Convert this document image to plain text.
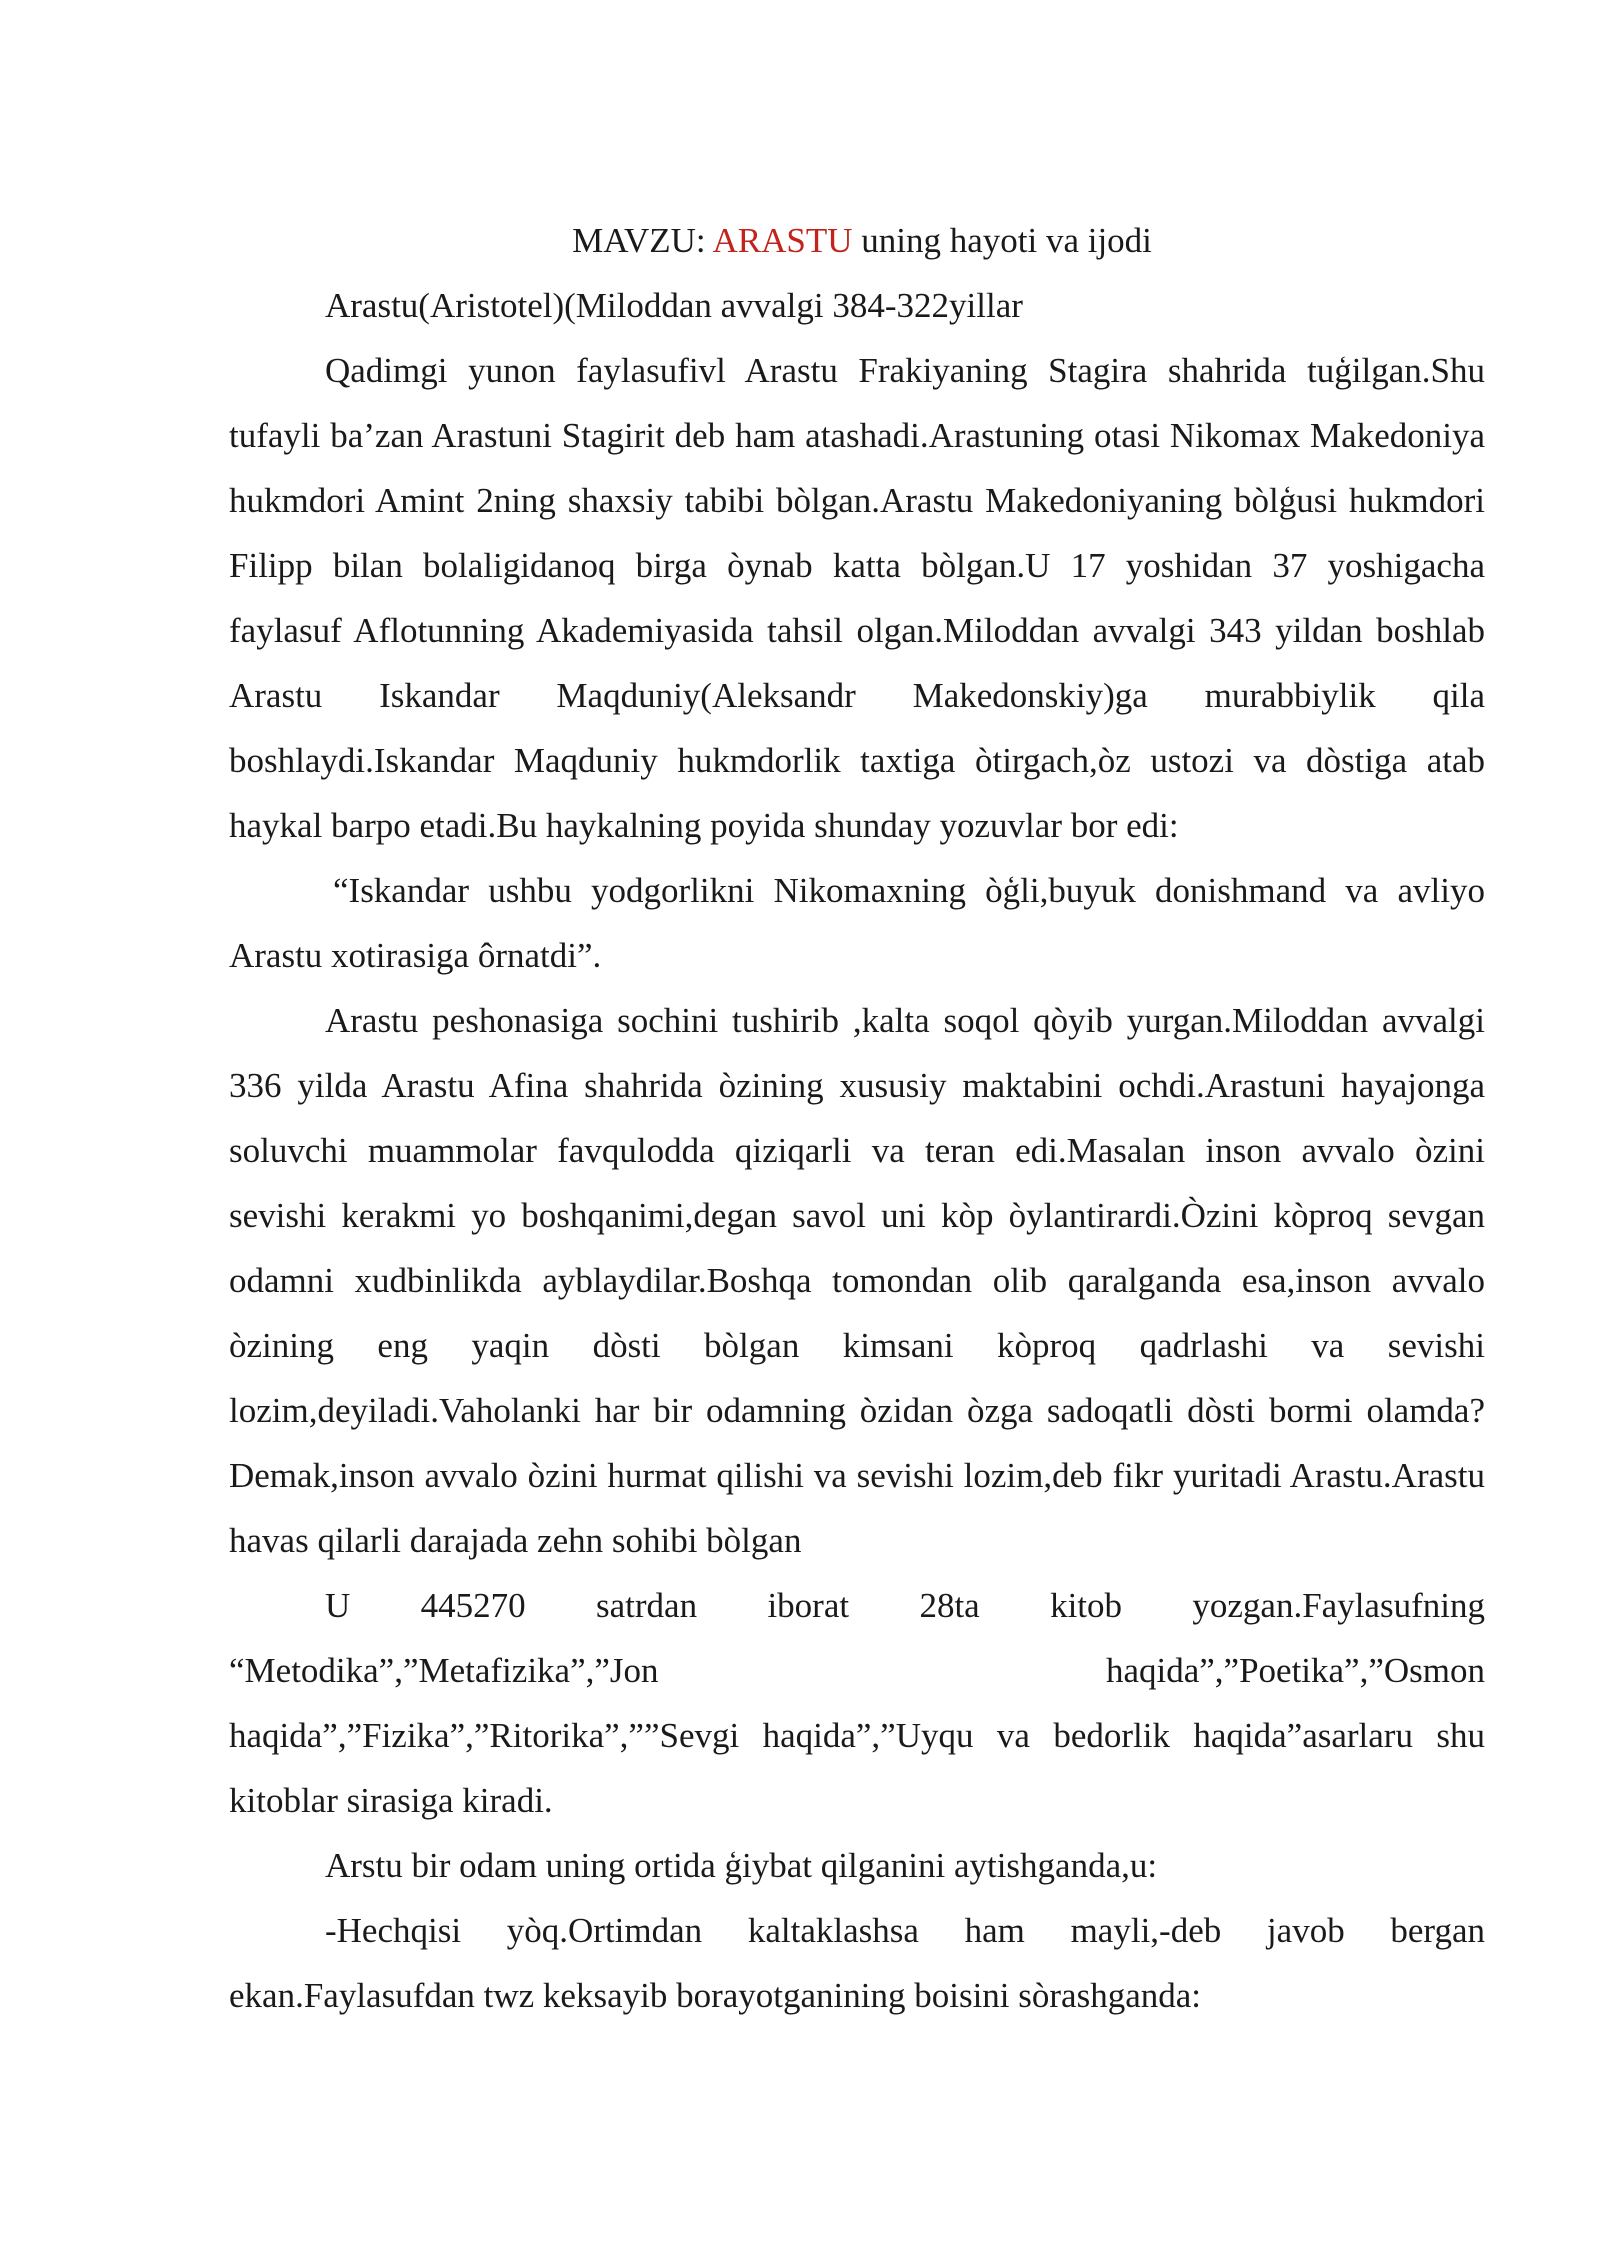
MAVZU: ARASTU uning hayoti va ijodi

Arastu(Aristotel)(Miloddan avvalgi 384-322yillar

Qadimgi yunon faylasufivl Arastu Frakiyaning Stagira shahrida tuģilgan.Shu tufayli ba’zan Arastuni Stagirit deb ham atashadi.Arastuning otasi Nikomax Makedoniya hukmdori Amint 2ning shaxsiy tabibi bòlgan.Arastu Makedoniyaning bòlģusi hukmdori Filipp bilan bolaligidanoq birga òynab katta bòlgan.U 17 yoshidan 37 yoshigacha faylasuf Aflotunning Akademiyasida tahsil olgan.Miloddan avvalgi 343 yildan boshlab Arastu Iskandar Maqduniy(Aleksandr Makedonskiy)ga murabbiylik qila boshlaydi.Iskandar Maqduniy hukmdorlik taxtiga òtirgach,òz ustozi va dòstiga atab haykal barpo etadi.Bu haykalning poyida shunday yozuvlar bor edi:

“Iskandar ushbu yodgorlikni Nikomaxning òģli,buyuk donishmand va avliyo Arastu xotirasiga ôrnatdi”.

Arastu peshonasiga sochini tushirib ,kalta soqol qòyib yurgan.Miloddan avvalgi 336 yilda Arastu Afina shahrida òzining xususiy maktabini ochdi.Arastuni hayajonga soluvchi muammolar favqulodda qiziqarli va teran edi.Masalan inson avvalo òzini sevishi kerakmi yo boshqanimi,degan savol uni kòp òylantirardi.Òzini kòproq sevgan odamni xudbinlikda ayblaydilar.Boshqa tomondan olib qaralganda esa,inson avvalo òzining eng yaqin dòsti bòlgan kimsani kòproq qadrlashi va sevishi lozim,deyiladi.Vaholanki har bir odamning òzidan òzga sadoqatli dòsti bormi olamda?Demak,inson avvalo òzini hurmat qilishi va sevishi lozim,deb fikr yuritadi Arastu.Arastu havas qilarli darajada zehn sohibi bòlgan

U 445270 satrdan iborat 28ta kitob yozgan.Faylasufning
“Metodika”,”Metafizika”,”Jon	haqida”,”Poetika”,”Osmon

haqida”,”Fizika”,”Ritorika”,””Sevgi haqida”,”Uyqu va bedorlik haqida”asarlaru shu kitoblar sirasiga kiradi.

Arstu bir odam uning ortida ģiybat qilganini aytishganda,u:

-Hechqisi yòq.Ortimdan kaltaklashsa ham mayli,-deb javob bergan ekan.Faylasufdan twz keksayib borayotganining boisini sòrashganda:
